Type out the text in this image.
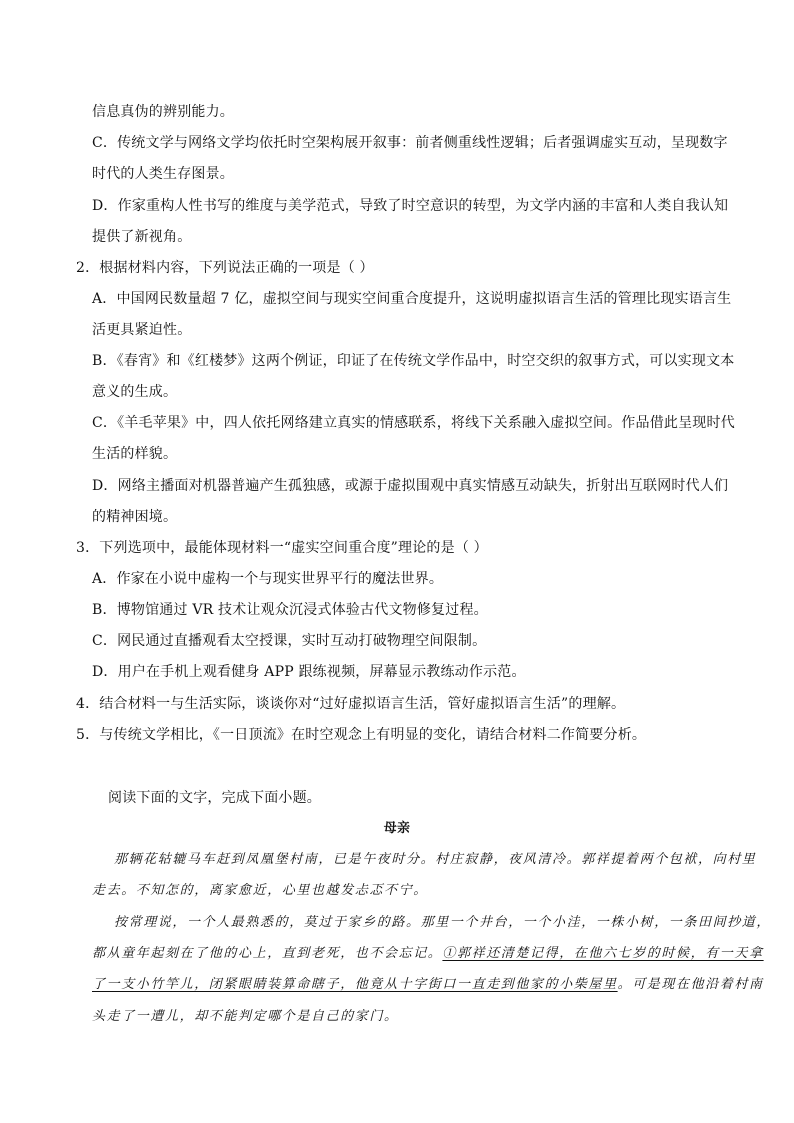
信息真伪的辨别能力。
C．传统文学与网络文学均依托时空架构展开叙事：前者侧重线性逻辑；后者强调虚实互动，呈现数字
时代的人类生存图景。
D．作家重构人性书写的维度与美学范式，导致了时空意识的转型，为文学内涵的丰富和人类自我认知
提供了新视角。
2．根据材料内容，下列说法正确的一项是（ ）
A．中国网民数量超 7 亿，虚拟空间与现实空间重合度提升，这说明虚拟语言生活的管理比现实语言生
活更具紧迫性。
B．《春宵》和《红楼梦》这两个例证，印证了在传统文学作品中，时空交织的叙事方式，可以实现文本
意义的生成。
C．《羊毛苹果》中，四人依托网络建立真实的情感联系，将线下关系融入虚拟空间。作品借此呈现时代
生活的样貌。
D．网络主播面对机器普遍产生孤独感，或源于虚拟围观中真实情感互动缺失，折射出互联网时代人们
的精神困境。
3．下列选项中，最能体现材料一“虚实空间重合度”理论的是（ ）
A．作家在小说中虚构一个与现实世界平行的魔法世界。
B．博物馆通过 VR 技术让观众沉浸式体验古代文物修复过程。
C．网民通过直播观看太空授课，实时互动打破物理空间限制。
D．用户在手机上观看健身 APP 跟练视频，屏幕显示教练动作示范。
4．结合材料一与生活实际，谈谈你对“过好虚拟语言生活，管好虚拟语言生活”的理解。
5．与传统文学相比，《一日顶流》在时空观念上有明显的变化，请结合材料二作简要分析。
阅读下面的文字，完成下面小题。
母亲
那辆花轱辘马车赶到凤凰堡村南，已是午夜时分。村庄寂静，夜风清冷。郭祥提着两个包袱，向村里
走去。不知怎的，离家愈近，心里也越发忐忑不宁。
按常理说，一个人最熟悉的，莫过于家乡的路。那里一个井台，一个小洼，一株小树，一条田间抄道，
都从童年起刻在了他的心上，直到老死，也不会忘记。①郭祥还清楚记得，在他六七岁的时候，有一天拿
了一支小竹竿儿，闭紧眼睛装算命瞎子，他竟从十字街口一直走到他家的小柴屋里。可是现在他沿着村南
头走了一遭儿，却不能判定哪个是自己的家门。
